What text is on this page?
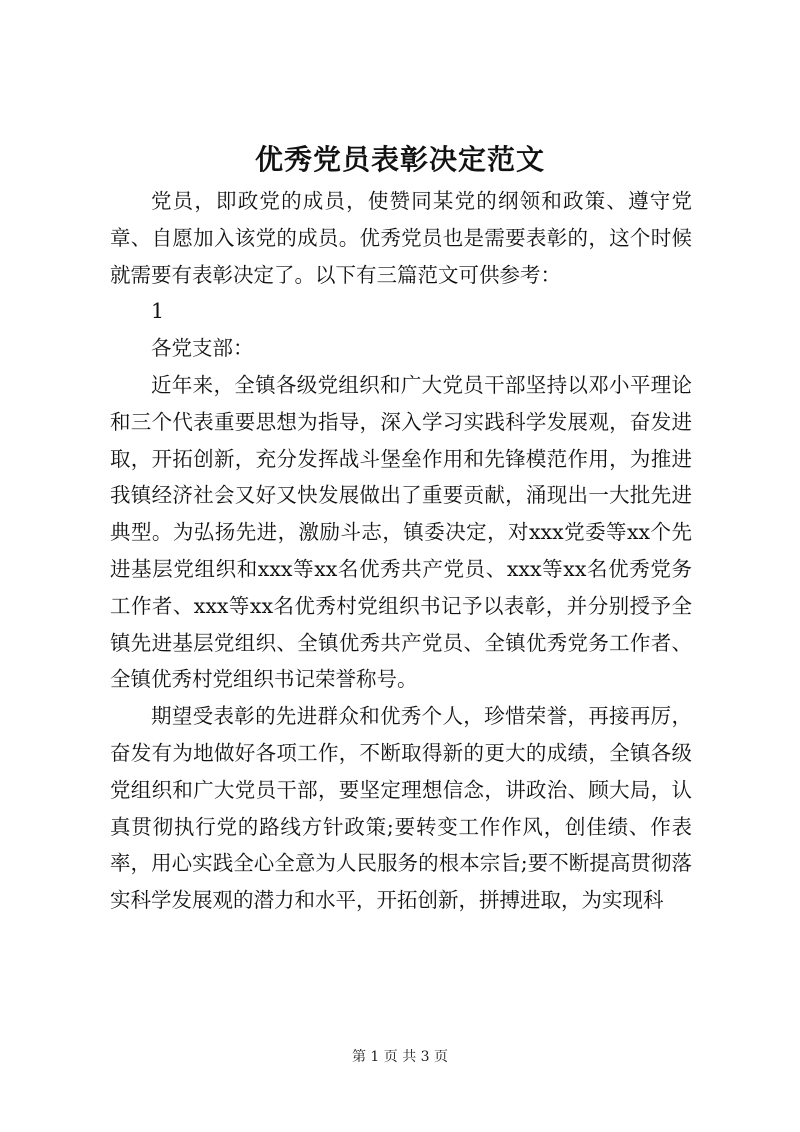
优秀党员表彰决定范文

党员，即政党的成员，使赞同某党的纲领和政策、遵守党章、自愿加入该党的成员。优秀党员也是需要表彰的，这个时候就需要有表彰决定了。以下有三篇范文可供参考：

1

各党支部：

近年来，全镇各级党组织和广大党员干部坚持以邓小平理论和三个代表重要思想为指导，深入学习实践科学发展观，奋发进取，开拓创新，充分发挥战斗堡垒作用和先锋模范作用，为推进我镇经济社会又好又快发展做出了重要贡献，涌现出一大批先进典型。为弘扬先进，激励斗志，镇委决定，对xxx党委等xx个先进基层党组织和xxx等xx名优秀共产党员、xxx等xx名优秀党务工作者、xxx等xx名优秀村党组织书记予以表彰，并分别授予全镇先进基层党组织、全镇优秀共产党员、全镇优秀党务工作者、全镇优秀村党组织书记荣誉称号。

期望受表彰的先进群众和优秀个人，珍惜荣誉，再接再厉，奋发有为地做好各项工作，不断取得新的更大的成绩，全镇各级党组织和广大党员干部，要坚定理想信念，讲政治、顾大局，认真贯彻执行党的路线方针政策;要转变工作作风，创佳绩、作表率，用心实践全心全意为人民服务的根本宗旨;要不断提高贯彻落实科学发展观的潜力和水平，开拓创新，拼搏进取，为实现科

第 1 页 共 3 页
